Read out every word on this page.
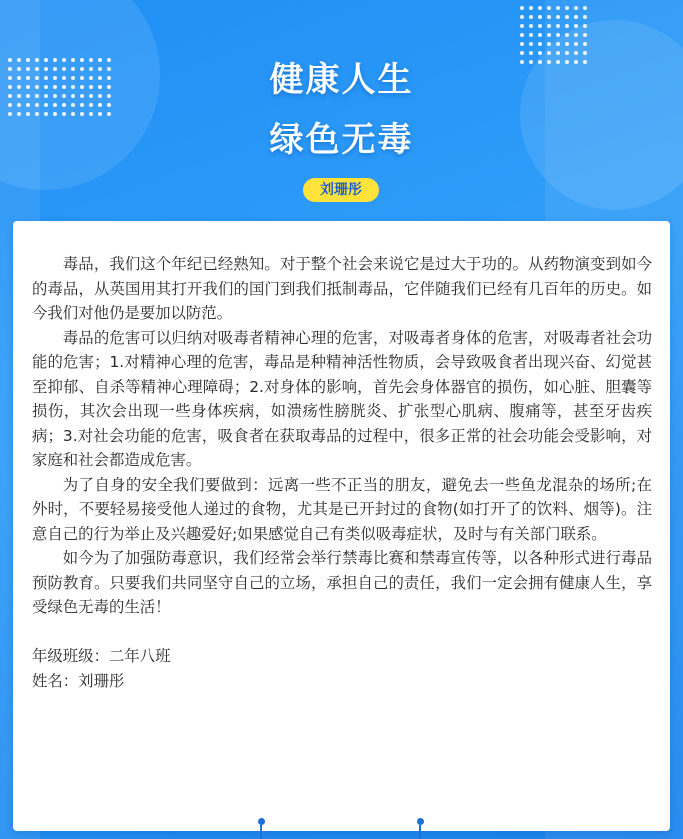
健康人生
绿色无毒
刘珊彤

毒品，我们这个年纪已经熟知。对于整个社会来说它是过大于功的。从药物演变到如今的毒品，从英国用其打开我们的国门到我们抵制毒品，它伴随我们已经有几百年的历史。如今我们对他仍是要加以防范。

毒品的危害可以归纳对吸毒者精神心理的危害，对吸毒者身体的危害，对吸毒者社会功能的危害；1.对精神心理的危害，毒品是种精神活性物质，会导致吸食者出现兴奋、幻觉甚至抑郁、自杀等精神心理障碍；2.对身体的影响，首先会身体器官的损伤，如心脏、胆囊等损伤，其次会出现一些身体疾病，如溃疡性膀胱炎、扩张型心肌病、腹痛等，甚至牙齿疾病；3.对社会功能的危害，吸食者在获取毒品的过程中，很多正常的社会功能会受影响，对家庭和社会都造成危害。

为了自身的安全我们要做到：远离一些不正当的朋友，避免去一些鱼龙混杂的场所;在外时，不要轻易接受他人递过的食物，尤其是已开封过的食物(如打开了的饮料、烟等)。注意自己的行为举止及兴趣爱好;如果感觉自己有类似吸毒症状，及时与有关部门联系。

如今为了加强防毒意识，我们经常会举行禁毒比赛和禁毒宣传等，以各种形式进行毒品预防教育。只要我们共同坚守自己的立场，承担自己的责任，我们一定会拥有健康人生，享受绿色无毒的生活！

年级班级：二年八班
姓名：刘珊彤
